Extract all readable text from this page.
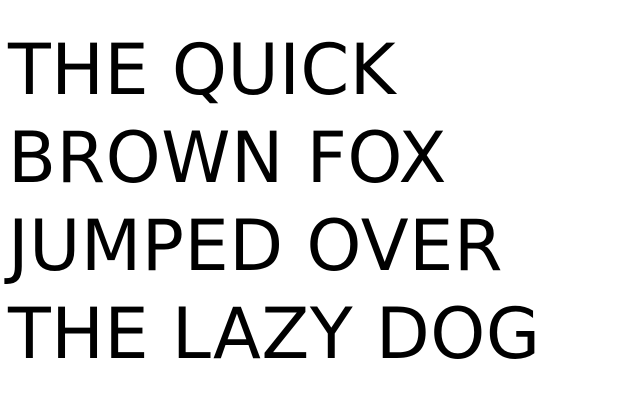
THE QUICK
BROWN FOX
JUMPED OVER
THE LAZY DOG
